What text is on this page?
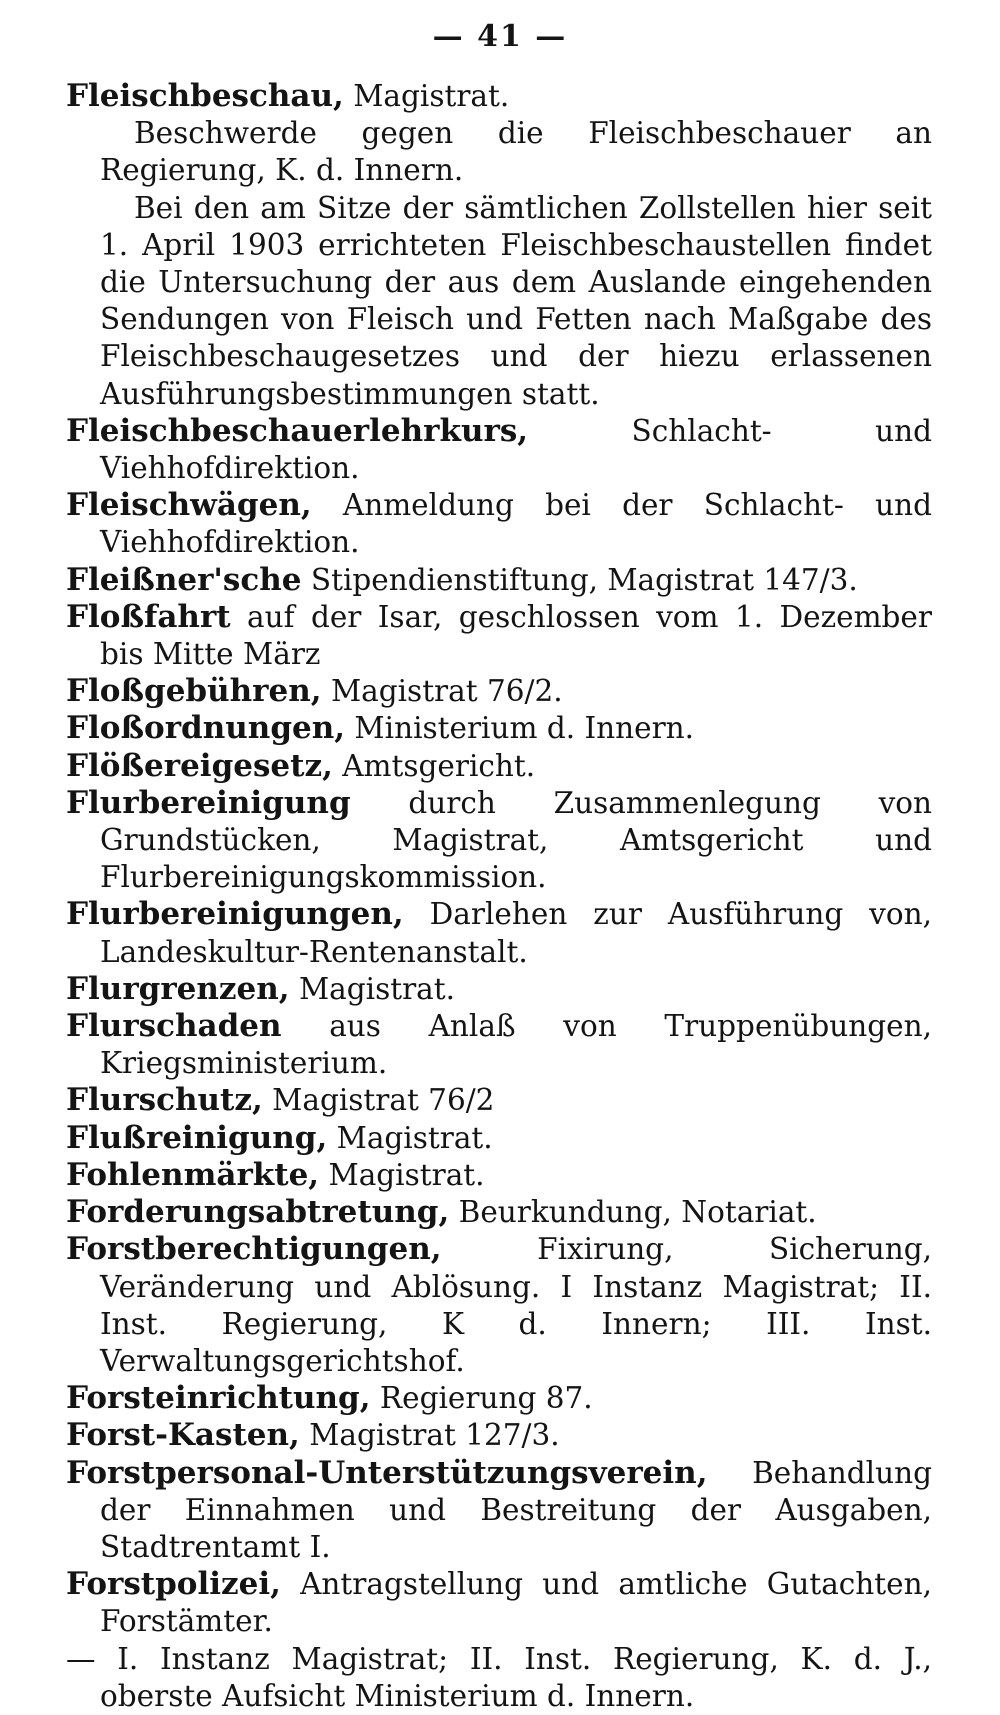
— 41 —
Fleischbeschau, Magistrat.
Beschwerde gegen die Fleischbeschauer an Regierung, K. d. Innern.
Bei den am Sitze der sämtlichen Zollstellen hier seit 1. April 1903 errichteten Fleischbeschaustellen findet die Untersuchung der aus dem Auslande eingehenden Sendungen von Fleisch und Fetten nach Maßgabe des Fleischbeschaugesetzes und der hiezu erlassenen Ausführungsbestimmungen statt.
Fleischbeschauerlehrkurs, Schlacht- und Viehhofdirektion.
Fleischwägen, Anmeldung bei der Schlacht- und Viehhofdirektion.
Fleißner'sche Stipendienstiftung, Magistrat 147/3.
Floßfahrt auf der Isar, geschlossen vom 1. Dezember bis Mitte März
Floßgebühren, Magistrat 76/2.
Floßordnungen, Ministerium d. Innern.
Flößereigesetz, Amtsgericht.
Flurbereinigung durch Zusammenlegung von Grundstücken, Magistrat, Amtsgericht und Flurbereinigungskommission.
Flurbereinigungen, Darlehen zur Ausführung von, Landeskultur-Rentenanstalt.
Flurgrenzen, Magistrat.
Flurschaden aus Anlaß von Truppenübungen, Kriegsministerium.
Flurschutz, Magistrat 76/2
Flußreinigung, Magistrat.
Fohlenmärkte, Magistrat.
Forderungsabtretung, Beurkundung, Notariat.
Forstberechtigungen, Fixirung, Sicherung, Veränderung und Ablösung. I Instanz Magistrat; II. Inst. Regierung, K d. Innern; III. Inst. Verwaltungsgerichtshof.
Forsteinrichtung, Regierung 87.
Forst-Kasten, Magistrat 127/3.
Forstpersonal-Unterstützungsverein, Behandlung der Einnahmen und Bestreitung der Ausgaben, Stadtrentamt I.
Forstpolizei, Antragstellung und amtliche Gutachten, Forstämter.
— I. Instanz Magistrat; II. Inst. Regierung, K. d. J., oberste Aufsicht Ministerium d. Innern.
